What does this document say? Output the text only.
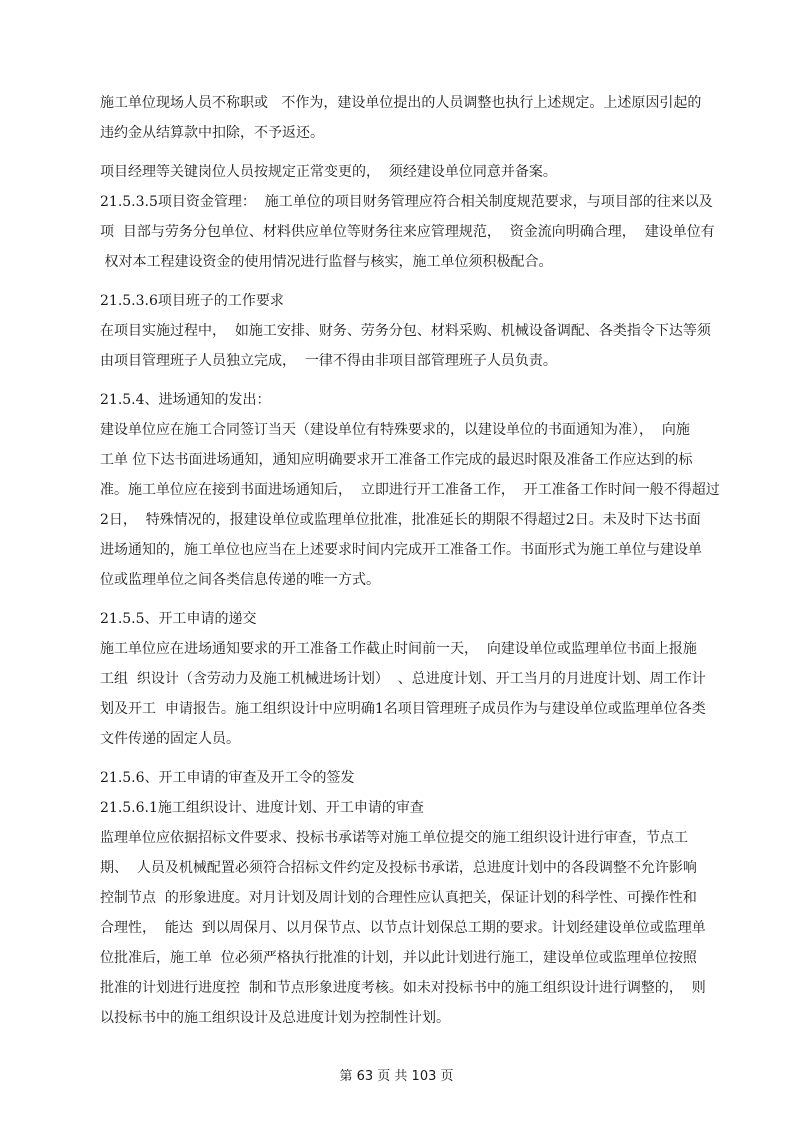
施工单位现场人员不称职或   不作为，建设单位提出的人员调整也执行上述规定。上述原因引起的
违约金从结算款中扣除，不予返还。
项目经理等关键岗位人员按规定正常变更的，  须经建设单位同意并备案。
21.5.3.5项目资金管理：  施工单位的项目财务管理应符合相关制度规范要求，与项目部的往来以及
项  目部与劳务分包单位、材料供应单位等财务往来应管理规范，  资金流向明确合理，  建设单位有
权对本工程建设资金的使用情况进行监督与核实，施工单位须积极配合。
21.5.3.6项目班子的工作要求
在项目实施过程中，  如施工安排、财务、劳务分包、材料采购、机械设备调配、各类指令下达等须
由项目管理班子人员独立完成，  一律不得由非项目部管理班子人员负责。
21.5.4、进场通知的发出：
建设单位应在施工合同签订当天（建设单位有特殊要求的，以建设单位的书面通知为准），  向施
工单 位下达书面进场通知，通知应明确要求开工准备工作完成的最迟时限及准备工作应达到的标
准。施工单位应在接到书面进场通知后，  立即进行开工准备工作，  开工准备工作时间一般不得超过
2日，  特殊情况的，报建设单位或监理单位批准，批准延长的期限不得超过2日。未及时下达书面
进场通知的，施工单位也应当在上述要求时间内完成开工准备工作。书面形式为施工单位与建设单
位或监理单位之间各类信息传递的唯一方式。
21.5.5、开工申请的递交
施工单位应在进场通知要求的开工准备工作截止时间前一天，  向建设单位或监理单位书面上报施
工组  织设计（含劳动力及施工机械进场计划）  、总进度计划、开工当月的月进度计划、周工作计
划及开工  申请报告。施工组织设计中应明确1名项目管理班子成员作为与建设单位或监理单位各类
文件传递的固定人员。
21.5.6、开工申请的审查及开工令的签发
21.5.6.1施工组织设计、进度计划、开工申请的审查
监理单位应依据招标文件要求、投标书承诺等对施工单位提交的施工组织设计进行审查，节点工
期、  人员及机械配置必须符合招标文件约定及投标书承诺，总进度计划中的各段调整不允许影响
控制节点  的形象进度。对月计划及周计划的合理性应认真把关，保证计划的科学性、可操作性和
合理性，  能达  到以周保月、以月保节点、以节点计划保总工期的要求。计划经建设单位或监理单
位批准后，施工单  位必须严格执行批准的计划，并以此计划进行施工，建设单位或监理单位按照
批准的计划进行进度控  制和节点形象进度考核。如未对投标书中的施工组织设计进行调整的，  则
以投标书中的施工组织设计及总进度计划为控制性计划。
第 63 页 共 103 页
